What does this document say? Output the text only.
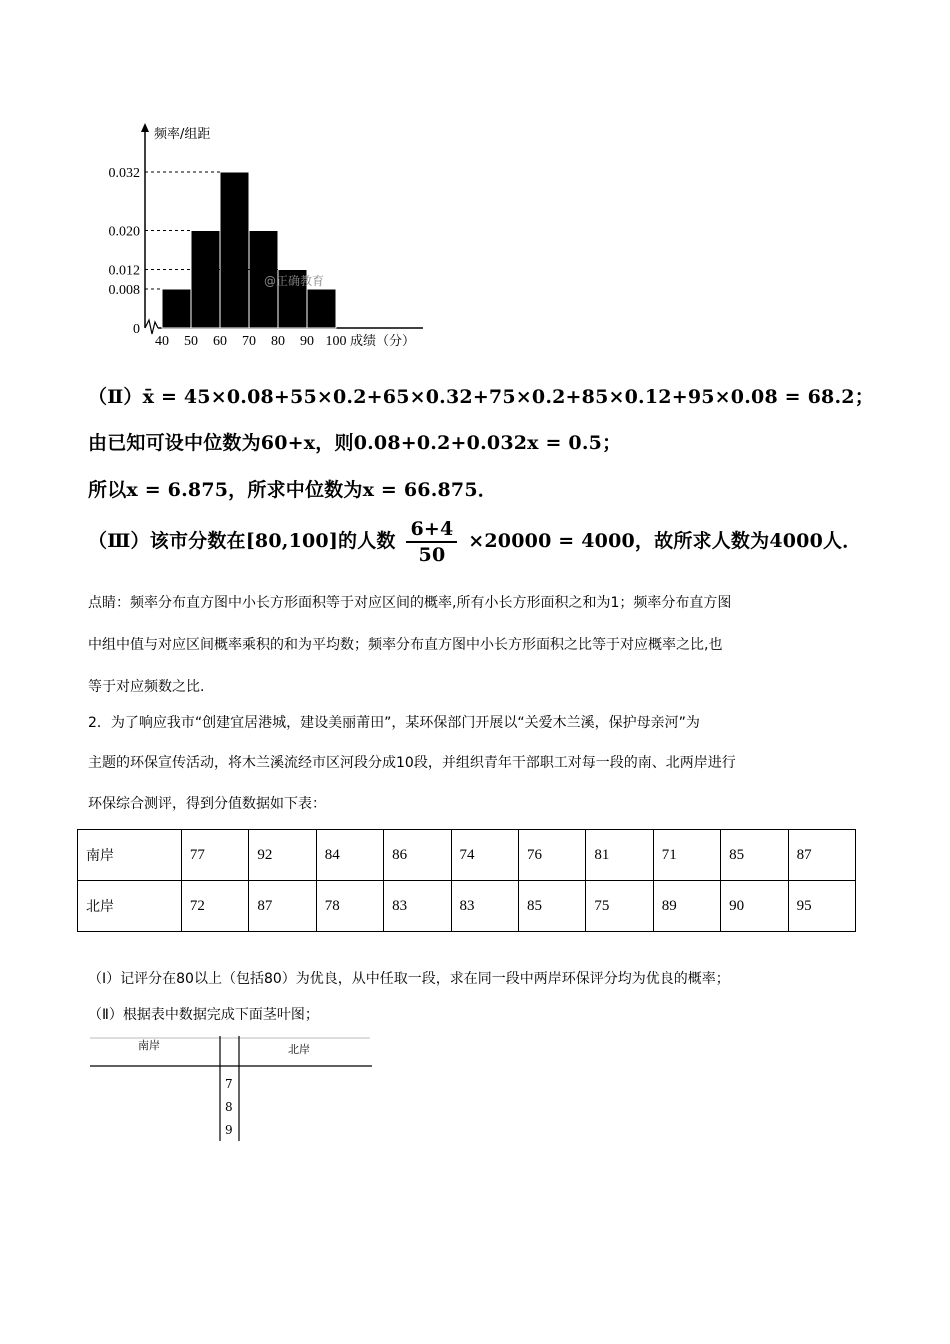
频率/组距
0.032
0.020
0.012
0.008
0
40 50 60 70 80 90 100 成绩（分）
@正确教育
（Ⅱ）x̄ = 45×0.08+55×0.2+65×0.32+75×0.2+85×0.12+95×0.08 = 68.2；
由已知可设中位数为60+x，则0.08+0.2+0.032x = 0.5；
所以x = 6.875，所求中位数为x = 66.875．
（Ⅲ）该市分数在[80,100]的人数 $\frac{6+4}{50} \times 20000 = 4000$，故所求人数为4000人．
点睛：频率分布直方图中小长方形面积等于对应区间的概率,所有小长方形面积之和为1；频率分布直方图
中组中值与对应区间概率乘积的和为平均数；频率分布直方图中小长方形面积之比等于对应概率之比,也
等于对应频数之比.
2．为了响应我市“创建宜居港城，建设美丽莆田”，某环保部门开展以“关爱木兰溪，保护母亲河”为
主题的环保宣传活动，将木兰溪流经市区河段分成10段，并组织青年干部职工对每一段的南、北两岸进行
环保综合测评，得到分值数据如下表：
南岸	77	92	84	86	74	76	81	71	85	87
北岸	72	87	78	83	83	85	75	89	90	95
（Ⅰ）记评分在80以上（包括80）为优良，从中任取一段，求在同一段中两岸环保评分均为优良的概率；
（Ⅱ）根据表中数据完成下面茎叶图；
南岸	北岸
7
8
9
